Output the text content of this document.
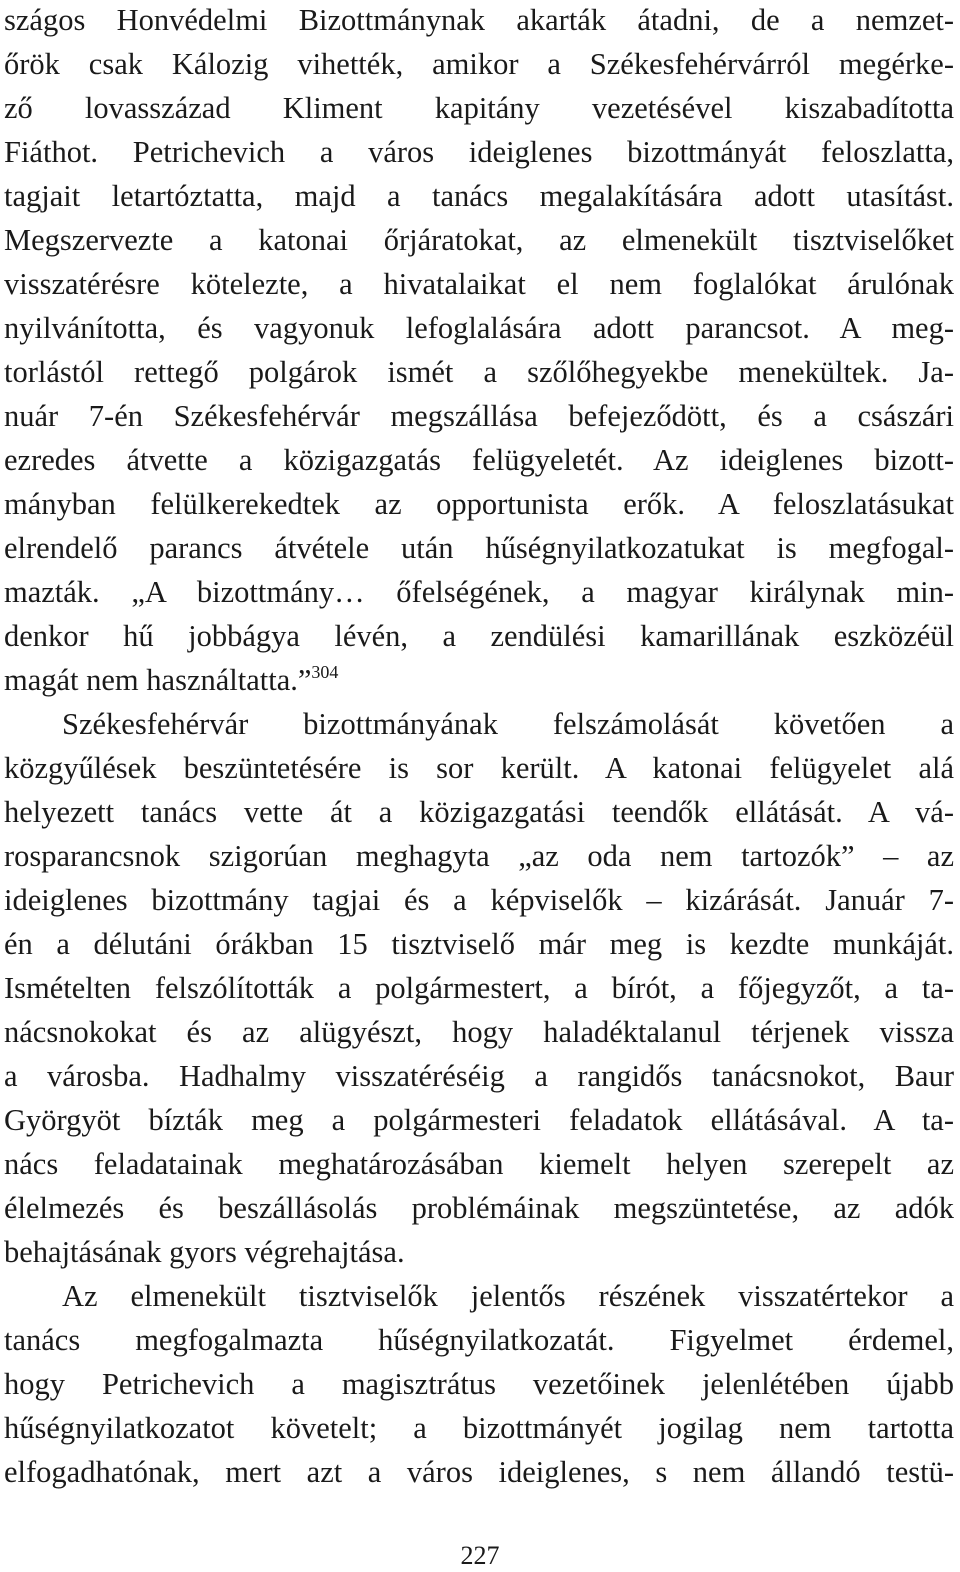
szágos Honvédelmi Bizottmánynak akarták átadni, de a nemzet-
őrök csak Kálozig vihették, amikor a Székesfehérvárról megérke-
ző lovasszázad Kliment kapitány vezetésével kiszabadította
Fiáthot. Petrichevich a város ideiglenes bizottmányát feloszlatta,
tagjait letartóztatta, majd a tanács megalakítására adott utasítást.
Megszervezte a katonai őrjáratokat, az elmenekült tisztviselőket
visszatérésre kötelezte, a hivatalaikat el nem foglalókat árulónak
nyilvánította, és vagyonuk lefoglalására adott parancsot. A meg-
torlástól rettegő polgárok ismét a szőlőhegyekbe menekültek. Ja-
nuár 7-én Székesfehérvár megszállása befejeződött, és a császári
ezredes átvette a közigazgatás felügyeletét. Az ideiglenes bizott-
mányban felülkerekedtek az opportunista erők. A feloszlatásukat
elrendelő parancs átvétele után hűségnyilatkozatukat is megfogal-
mazták. „A bizottmány… őfelségének, a magyar királynak min-
denkor hű jobbágya lévén, a zendülési kamarillának eszközéül
magát nem használtatta.”$^{304}$
Székesfehérvár bizottmányának felszámolását követően a
közgyűlések beszüntetésére is sor került. A katonai felügyelet alá
helyezett tanács vette át a közigazgatási teendők ellátását. A vá-
rosparancsnok szigorúan meghagyta „az oda nem tartozók” – az
ideiglenes bizottmány tagjai és a képviselők – kizárását. Január 7-
én a délutáni órákban 15 tisztviselő már meg is kezdte munkáját.
Ismételten felszólították a polgármestert, a bírót, a főjegyzőt, a ta-
nácsnokokat és az alügyészt, hogy haladéktalanul térjenek vissza
a városba. Hadhalmy visszatéréséig a rangidős tanácsnokot, Baur
Györgyöt bízták meg a polgármesteri feladatok ellátásával. A ta-
nács feladatainak meghatározásában kiemelt helyen szerepelt az
élelmezés és beszállásolás problémáinak megszüntetése, az adók
behajtásának gyors végrehajtása.
Az elmenekült tisztviselők jelentős részének visszatértekor a
tanács megfogalmazta hűségnyilatkozatát. Figyelmet érdemel,
hogy Petrichevich a magisztrátus vezetőinek jelenlétében újabb
hűségnyilatkozatot követelt; a bizottmányét jogilag nem tartotta
elfogadhatónak, mert azt a város ideiglenes, s nem állandó testü-
227
